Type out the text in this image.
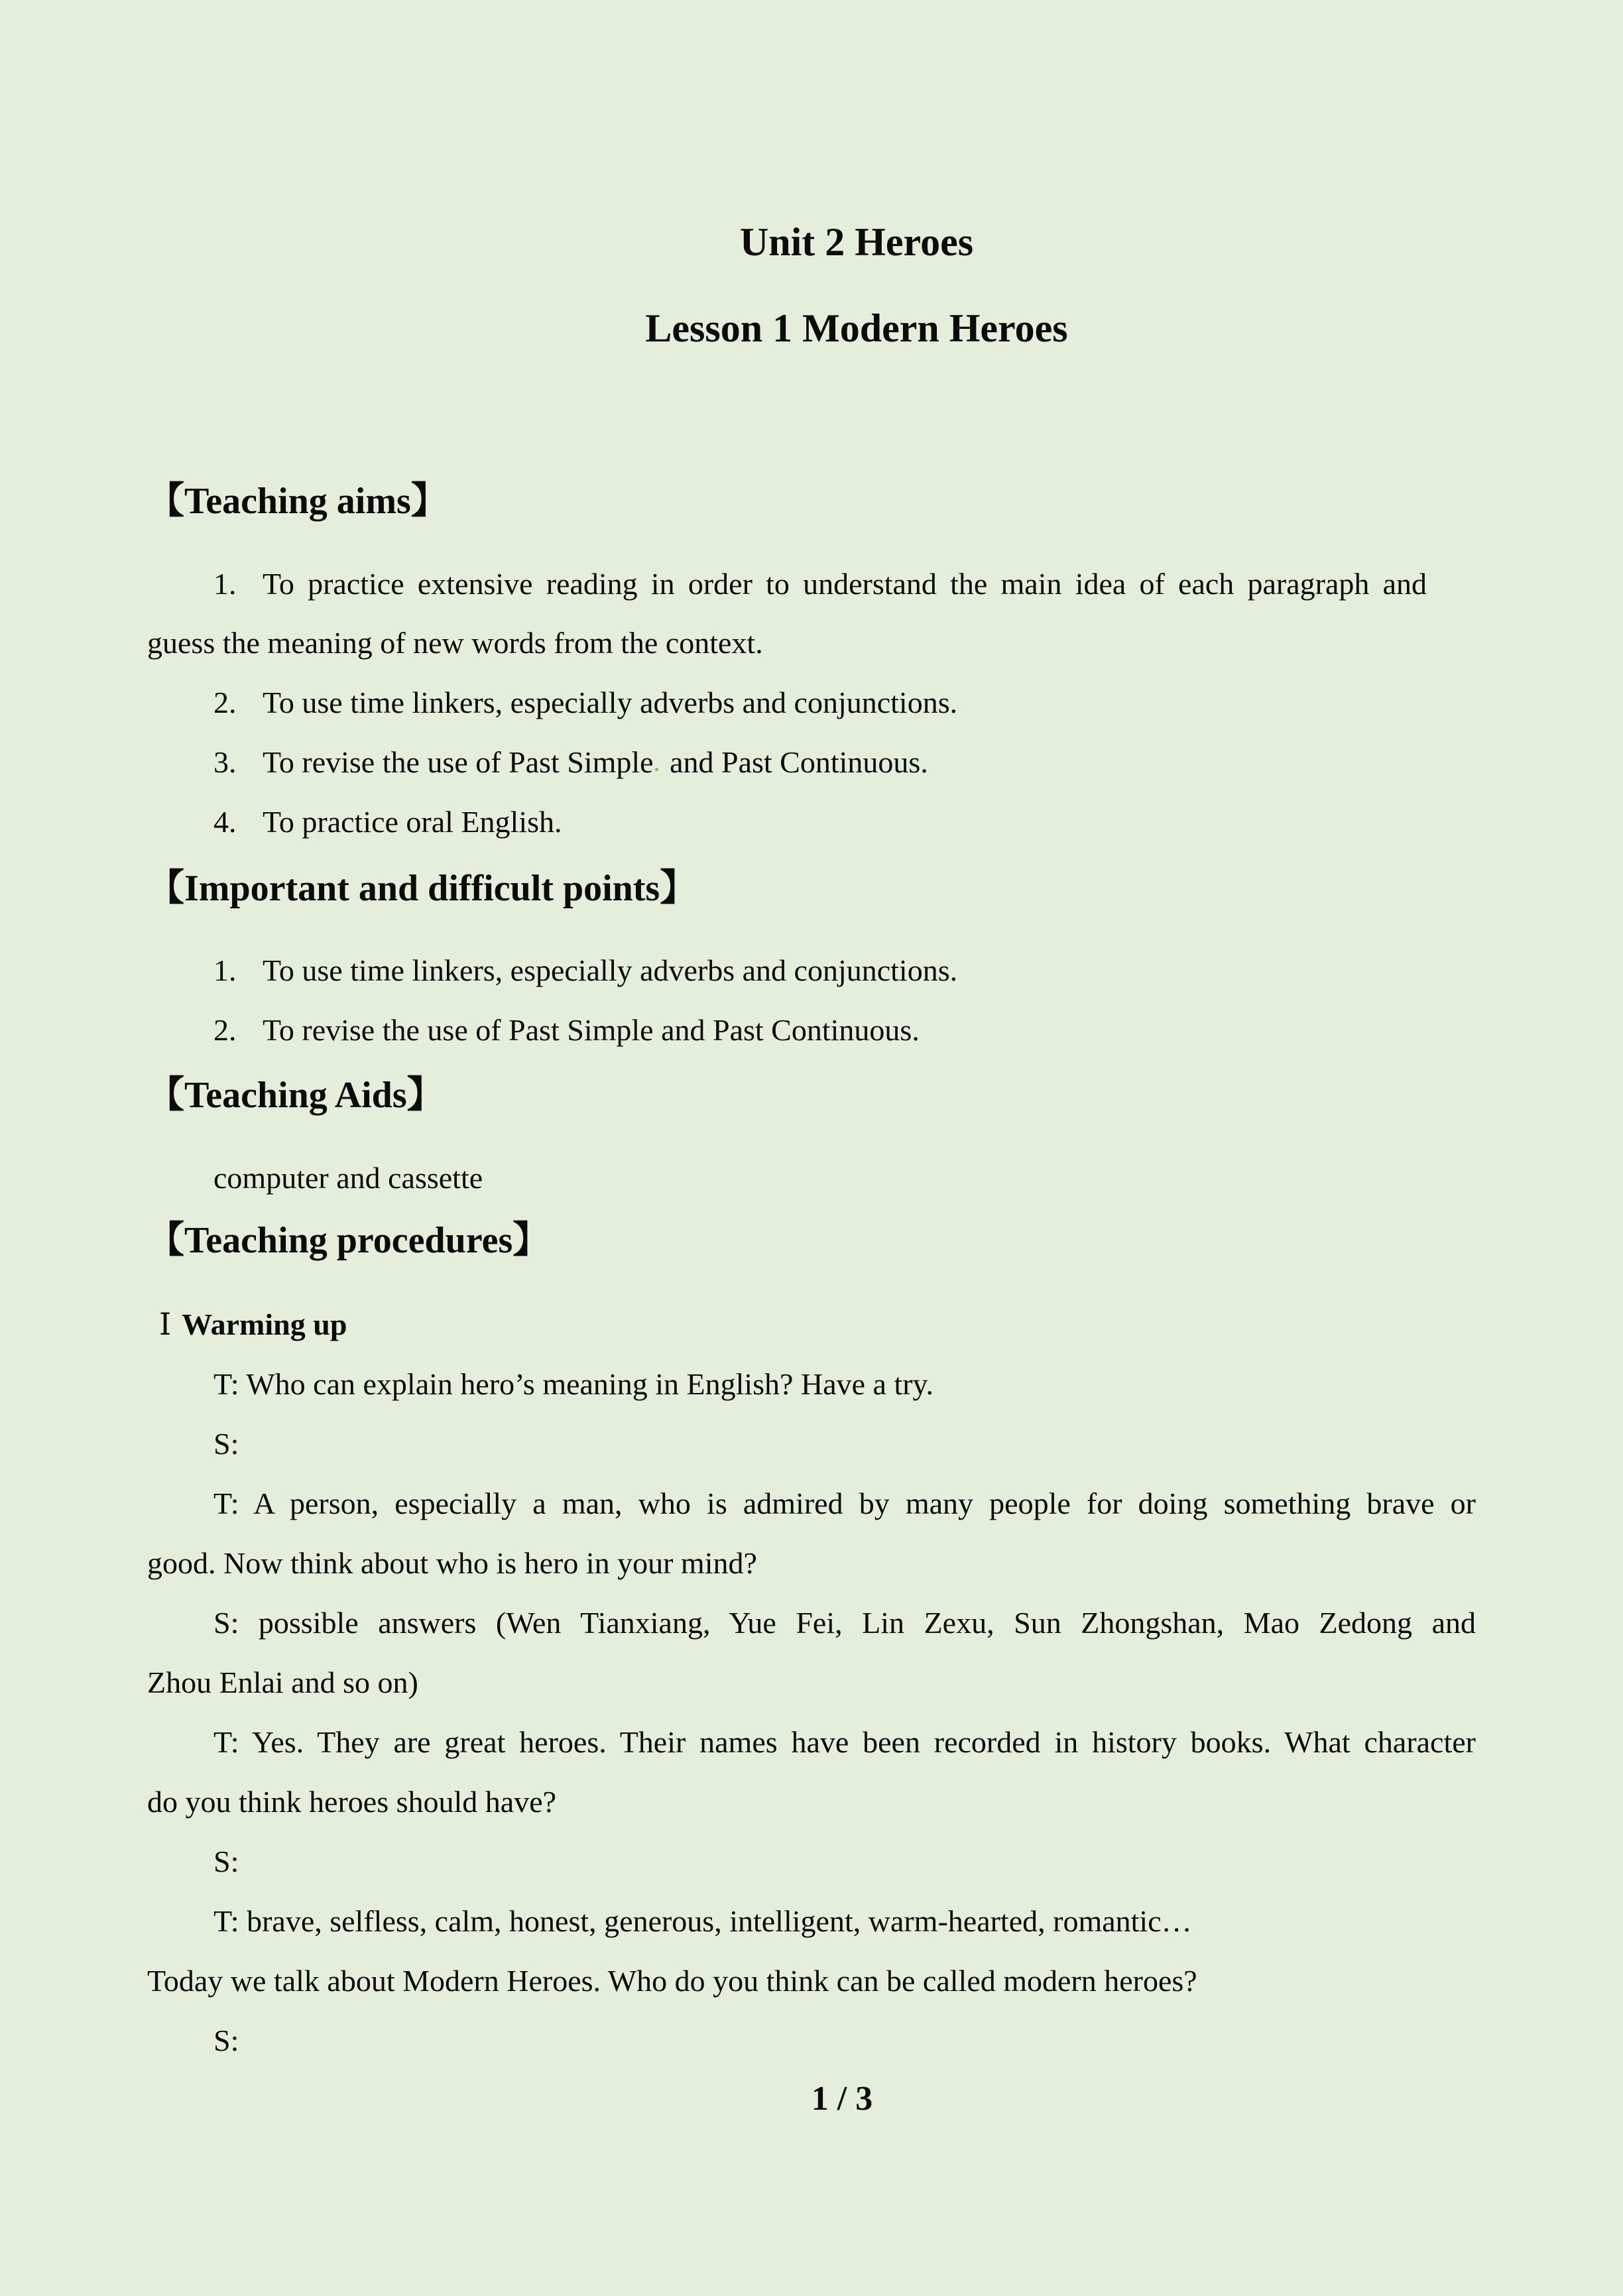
Unit 2 Heroes
Lesson 1 Modern Heroes
【Teaching aims】
1. To practice extensive reading in order to understand the main idea of each paragraph and
guess the meaning of new words from the context.
2. To use time linkers, especially adverbs and conjunctions.
3. To revise the use of Past Simple and Past Continuous.
4. To practice oral English.
【Important and difficult points】
1. To use time linkers, especially adverbs and conjunctions.
2. To revise the use of Past Simple and Past Continuous.
【Teaching Aids】
computer and cassette
【Teaching procedures】
Ⅰ Warming up
T: Who can explain hero’s meaning in English? Have a try.
S:
T: A person, especially a man, who is admired by many people for doing something brave or
good. Now think about who is hero in your mind?
S: possible answers (Wen Tianxiang, Yue Fei, Lin Zexu, Sun Zhongshan, Mao Zedong and
Zhou Enlai and so on)
T: Yes. They are great heroes. Their names have been recorded in history books. What character
do you think heroes should have?
S:
T: brave, selfless, calm, honest, generous, intelligent, warm-hearted, romantic…
Today we talk about Modern Heroes. Who do you think can be called modern heroes?
S:
1 / 3
